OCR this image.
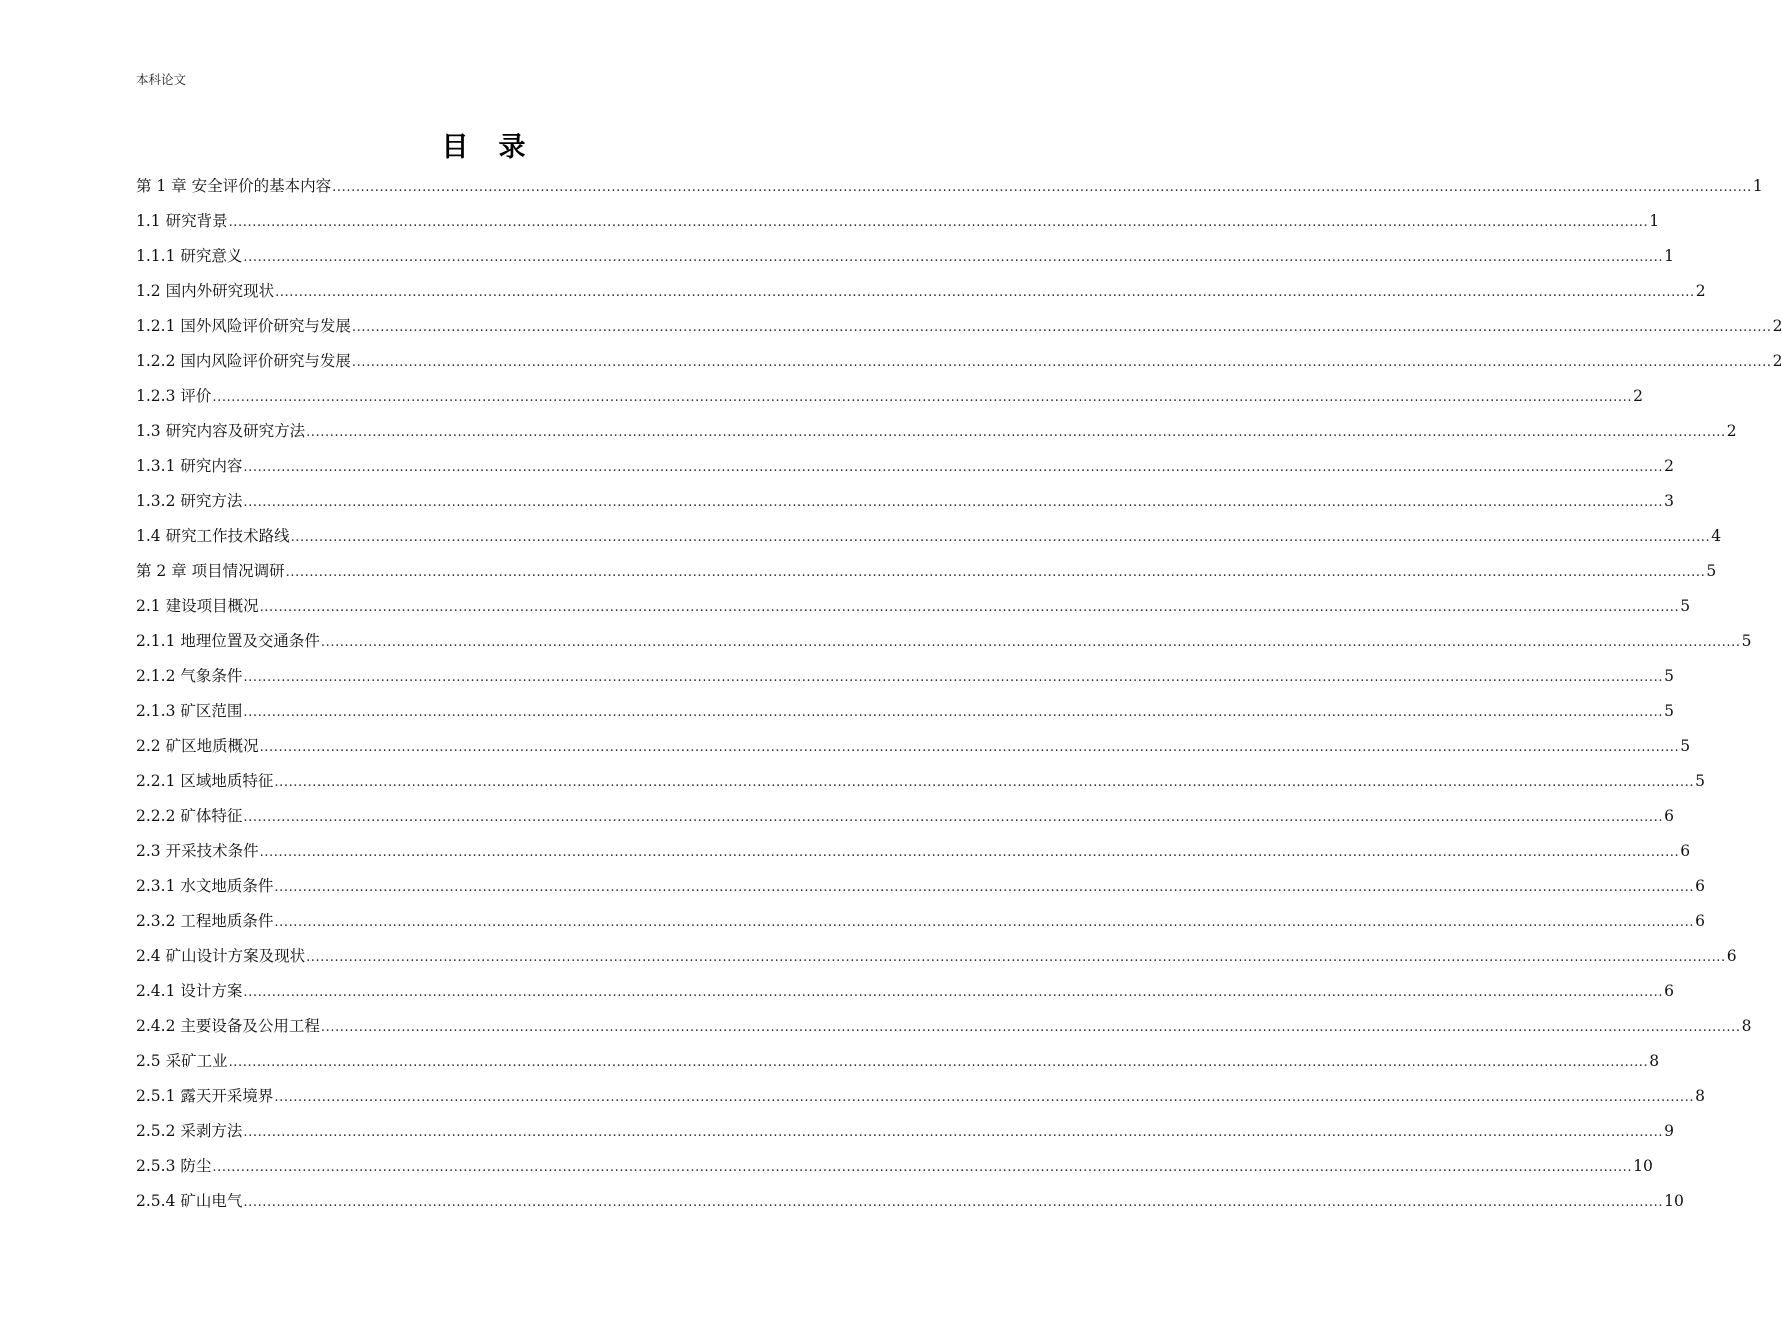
本科论文
目录
第 1 章 安全评价的基本内容 ............................................................................................................................................................................................................................................................................................................ 1
1.1 研究背景 ............................................................................................................................................................................................................................................................................................................ 1
1.1.1 研究意义 ............................................................................................................................................................................................................................................................................................................ 1
1.2 国内外研究现状 ............................................................................................................................................................................................................................................................................................................ 2
1.2.1 国外风险评价研究与发展 ............................................................................................................................................................................................................................................................................................................ 2
1.2.2 国内风险评价研究与发展 ............................................................................................................................................................................................................................................................................................................ 2
1.2.3 评价 ............................................................................................................................................................................................................................................................................................................ 2
1.3 研究内容及研究方法 ............................................................................................................................................................................................................................................................................................................ 2
1.3.1 研究内容 ............................................................................................................................................................................................................................................................................................................ 2
1.3.2 研究方法 ............................................................................................................................................................................................................................................................................................................ 3
1.4 研究工作技术路线 ............................................................................................................................................................................................................................................................................................................ 4
第 2 章 项目情况调研 ............................................................................................................................................................................................................................................................................................................ 5
2.1 建设项目概况 ............................................................................................................................................................................................................................................................................................................ 5
2.1.1 地理位置及交通条件 ............................................................................................................................................................................................................................................................................................................ 5
2.1.2 气象条件 ............................................................................................................................................................................................................................................................................................................ 5
2.1.3 矿区范围 ............................................................................................................................................................................................................................................................................................................ 5
2.2 矿区地质概况 ............................................................................................................................................................................................................................................................................................................ 5
2.2.1 区域地质特征 ............................................................................................................................................................................................................................................................................................................ 5
2.2.2 矿体特征 ............................................................................................................................................................................................................................................................................................................ 6
2.3 开采技术条件 ............................................................................................................................................................................................................................................................................................................ 6
2.3.1 水文地质条件 ............................................................................................................................................................................................................................................................................................................ 6
2.3.2 工程地质条件 ............................................................................................................................................................................................................................................................................................................ 6
2.4 矿山设计方案及现状 ............................................................................................................................................................................................................................................................................................................ 6
2.4.1 设计方案 ............................................................................................................................................................................................................................................................................................................ 6
2.4.2 主要设备及公用工程 ............................................................................................................................................................................................................................................................................................................ 8
2.5 采矿工业 ............................................................................................................................................................................................................................................................................................................ 8
2.5.1 露天开采境界 ............................................................................................................................................................................................................................................................................................................ 8
2.5.2 采剥方法 ............................................................................................................................................................................................................................................................................................................ 9
2.5.3 防尘 ............................................................................................................................................................................................................................................................................................................ 10
2.5.4 矿山电气 ............................................................................................................................................................................................................................................................................................................ 10
